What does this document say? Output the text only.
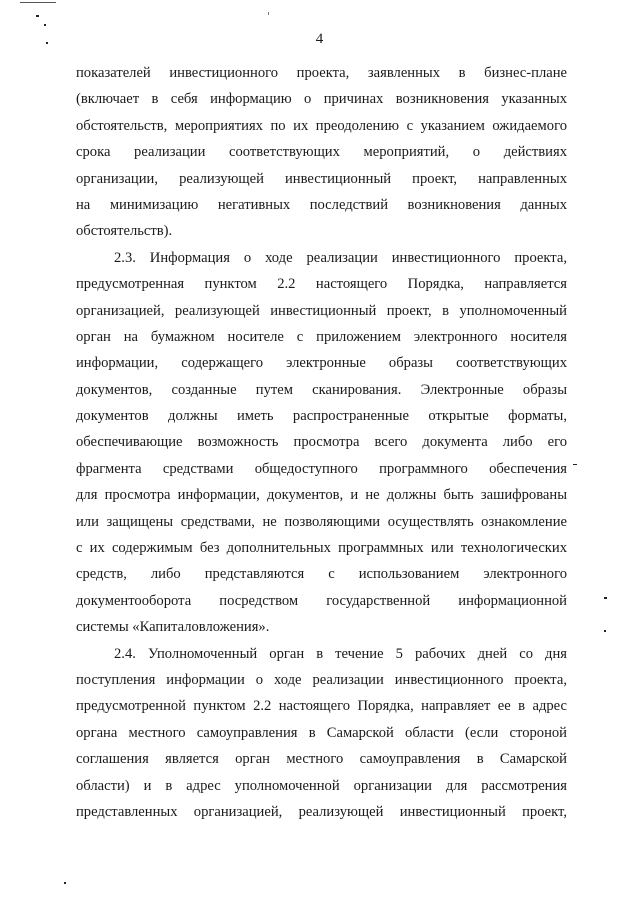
4
показателей инвестиционного проекта, заявленных в бизнес-плане
(включает в себя информацию о причинах возникновения указанных
обстоятельств, мероприятиях по их преодолению с указанием ожидаемого
срока реализации соответствующих мероприятий, о действиях
организации, реализующей инвестиционный проект, направленных
на минимизацию негативных последствий возникновения данных
обстоятельств).
2.3. Информация о ходе реализации инвестиционного проекта,
предусмотренная пунктом 2.2 настоящего Порядка, направляется
организацией, реализующей инвестиционный проект, в уполномоченный
орган на бумажном носителе с приложением электронного носителя
информации, содержащего электронные образы соответствующих
документов, созданные путем сканирования. Электронные образы
документов должны иметь распространенные открытые форматы,
обеспечивающие возможность просмотра всего документа либо его
фрагмента средствами общедоступного программного обеспечения
для просмотра информации, документов, и не должны быть зашифрованы
или защищены средствами, не позволяющими осуществлять ознакомление
с их содержимым без дополнительных программных или технологических
средств, либо представляются с использованием электронного
документооборота посредством государственной информационной
системы «Капиталовложения».
2.4. Уполномоченный орган в течение 5 рабочих дней со дня
поступления информации о ходе реализации инвестиционного проекта,
предусмотренной пунктом 2.2 настоящего Порядка, направляет ее в адрес
органа местного самоуправления в Самарской области (если стороной
соглашения является орган местного самоуправления в Самарской
области) и в адрес уполномоченной организации для рассмотрения
представленных организацией, реализующей инвестиционный проект,
